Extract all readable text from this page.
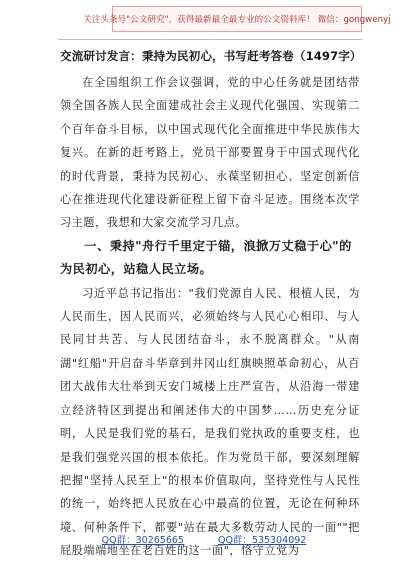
关注头条号"公文研究"，获得最新最全最专业的公文资料库！ 微信：gongwenyj
交流研讨发言：秉持为民初心，书写赶考答卷（1497字）

在全国组织工作会议强调，党的中心任务就是团结带领全国各族人民全面建成社会主义现代化强国、实现第二个百年奋斗目标，以中国式现代化全面推进中华民族伟大复兴。在新的赶考路上，党员干部要置身于中国式现代化的时代背景，秉持为民初心、永葆坚韧担心、坚定创新信心在推进现代化建设新征程上留下奋斗足迹。围绕本次学习主题，我想和大家交流学习几点。

一、秉持"舟行千里定于锚，浪掀万丈稳于心"的为民初心，站稳人民立场。

习近平总书记指出："我们党源自人民、根植人民，为人民而生，因人民而兴，必须始终与人民心心相印、与人民同甘共苦、与人民团结奋斗，永不脱离群众。"从南湖"红船"开启奋斗华章到井冈山红旗映照革命初心，从百团大战伟大壮举到天安门城楼上庄严宣告，从沿海一带建立经济特区到提出和阐述伟大的中国梦……历史充分证明，人民是我们党的基石，是我们党执政的重要支柱，也是我们强党兴国的根本依托。作为党员干部，要深刻理解把握"坚持人民至上"的根本价值取向，坚持党性与人民性的统一，始终把人民放在心中最高的位置，无论在何种环境、何种条件下，都要"站在最大多数劳动人民的一面""把屁股端端地坐在老百姓的这一面"，恪守立党为

QQ群：30265665	QQ群：535304092
